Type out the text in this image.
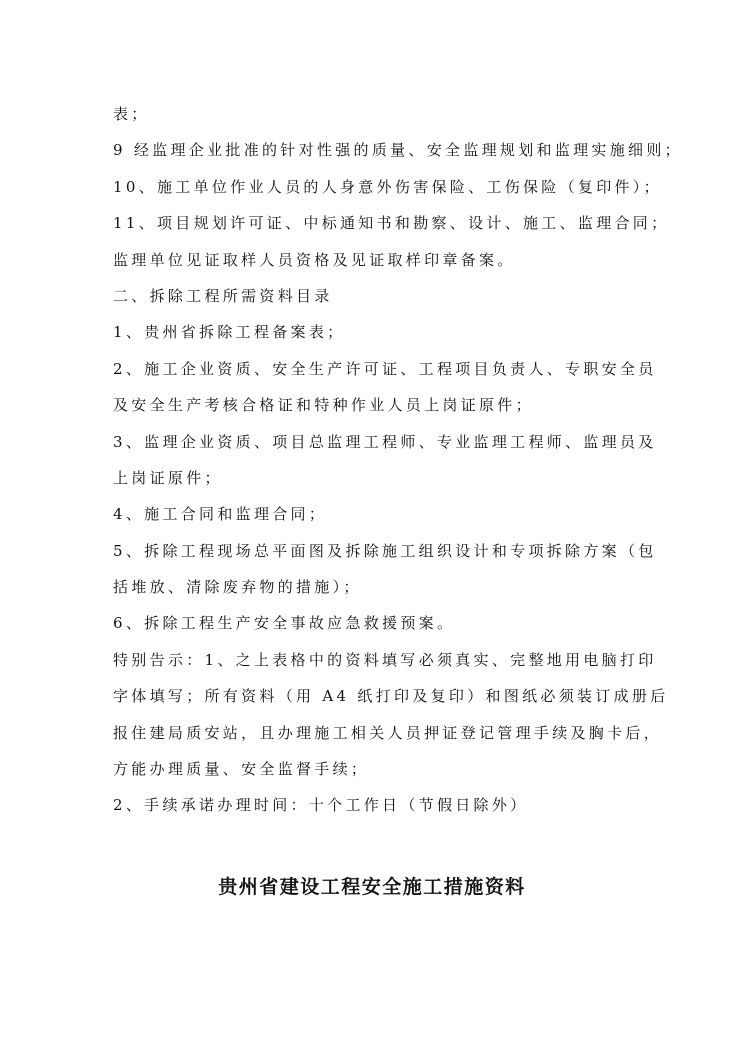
表；
9 经监理企业批准的针对性强的质量、安全监理规划和监理实施细则；
10、施工单位作业人员的人身意外伤害保险、工伤保险（复印件）；
11、项目规划许可证、中标通知书和勘察、设计、施工、监理合同；
监理单位见证取样人员资格及见证取样印章备案。
二、拆除工程所需资料目录
1、贵州省拆除工程备案表；
2、施工企业资质、安全生产许可证、工程项目负责人、专职安全员
及安全生产考核合格证和特种作业人员上岗证原件；
3、监理企业资质、项目总监理工程师、专业监理工程师、监理员及
上岗证原件；
4、施工合同和监理合同；
5、拆除工程现场总平面图及拆除施工组织设计和专项拆除方案（包
括堆放、清除废弃物的措施）；
6、拆除工程生产安全事故应急救援预案。
特别告示：1、之上表格中的资料填写必须真实、完整地用电脑打印
字体填写；所有资料（用 A4 纸打印及复印）和图纸必须装订成册后
报住建局质安站，且办理施工相关人员押证登记管理手续及胸卡后，
方能办理质量、安全监督手续；
2、手续承诺办理时间：十个工作日（节假日除外）
贵州省建设工程安全施工措施资料
